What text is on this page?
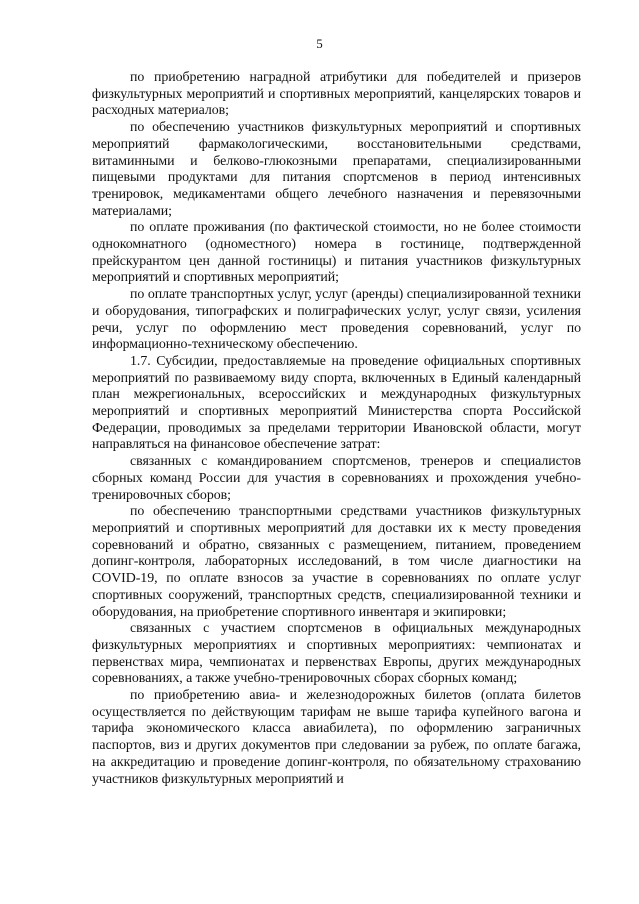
5

по приобретению наградной атрибутики для победителей и призеров физкультурных мероприятий и спортивных мероприятий, канцелярских товаров и расходных материалов;

по обеспечению участников физкультурных мероприятий и спортивных мероприятий фармакологическими, восстановительными средствами, витаминными и белково-глюкозными препаратами, специализированными пищевыми продуктами для питания спортсменов в период интенсивных тренировок, медикаментами общего лечебного назначения и перевязочными материалами;

по оплате проживания (по фактической стоимости, но не более стоимости однокомнатного (одноместного) номера в гостинице, подтвержденной прейскурантом цен данной гостиницы) и питания участников физкультурных мероприятий и спортивных мероприятий;

по оплате транспортных услуг, услуг (аренды) специализированной техники и оборудования, типографских и полиграфических услуг, услуг связи, усиления речи, услуг по оформлению мест проведения соревнований, услуг по информационно-техническому обеспечению.

1.7. Субсидии, предоставляемые на проведение официальных спортивных мероприятий по развиваемому виду спорта, включенных в Единый календарный план межрегиональных, всероссийских и международных физкультурных мероприятий и спортивных мероприятий Министерства спорта Российской Федерации, проводимых за пределами территории Ивановской области, могут направляться на финансовое обеспечение затрат:

связанных с командированием спортсменов, тренеров и специалистов сборных команд России для участия в соревнованиях и прохождения учебно-тренировочных сборов;

по обеспечению транспортными средствами участников физкультурных мероприятий и спортивных мероприятий для доставки их к месту проведения соревнований и обратно, связанных с размещением, питанием, проведением допинг-контроля, лабораторных исследований, в том числе диагностики на COVID-19, по оплате взносов за участие в соревнованиях по оплате услуг спортивных сооружений, транспортных средств, специализированной техники и оборудования, на приобретение спортивного инвентаря и экипировки;

связанных с участием спортсменов в официальных международных физкультурных мероприятиях и спортивных мероприятиях: чемпионатах и первенствах мира, чемпионатах и первенствах Европы, других международных соревнованиях, а также учебно-тренировочных сборах сборных команд;

по приобретению авиа- и железнодорожных билетов (оплата билетов осуществляется по действующим тарифам не выше тарифа купейного вагона и тарифа экономического класса авиабилета), по оформлению заграничных паспортов, виз и других документов при следовании за рубеж, по оплате багажа, на аккредитацию и проведение допинг-контроля, по обязательному страхованию участников физкультурных мероприятий и
